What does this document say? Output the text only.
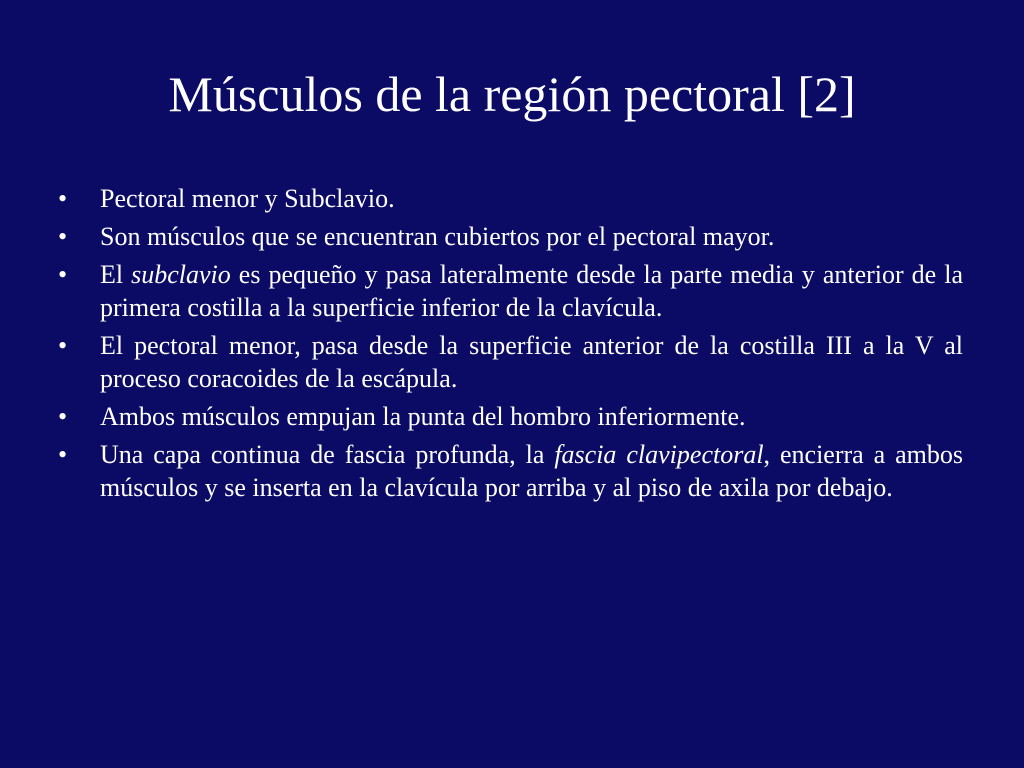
Músculos de la región pectoral [2]
•	Pectoral menor y Subclavio.
•	Son músculos que se encuentran cubiertos por el pectoral mayor.
•	El subclavio es pequeño y pasa lateralmente desde la parte media y anterior de la primera costilla a la superficie inferior de la clavícula.
•	El pectoral menor, pasa desde la superficie anterior de la costilla III a la V al proceso coracoides de la escápula.
•	Ambos músculos empujan la punta del hombro inferiormente.
•	Una capa continua de fascia profunda, la fascia clavipectoral, encierra a ambos músculos y se inserta en la clavícula por arriba y al piso de axila por debajo.
